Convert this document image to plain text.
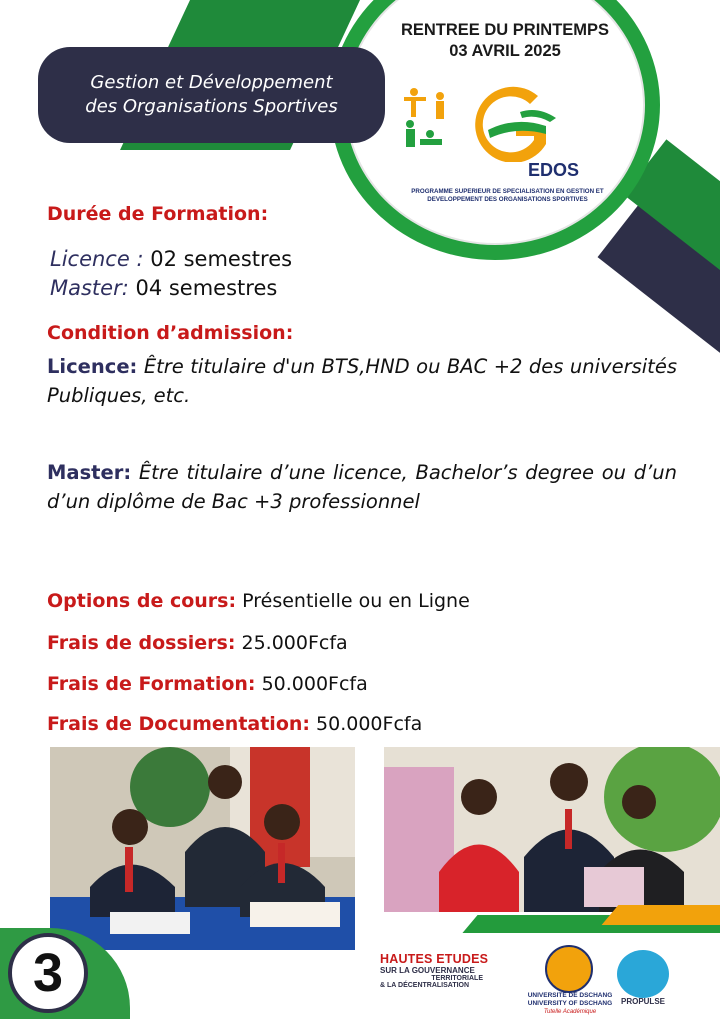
Gestion et Développement
des Organisations Sportives
RENTREE DU PRINTEMPS
03 AVRIL 2025
EDOS
PROGRAMME SUPERIEUR DE SPECIALISATION EN GESTION ET
DEVELOPPEMENT DES ORGANISATIONS SPORTIVES
Durée de Formation:
Licence : 02 semestres
Master: 04 semestres
Condition d’admission:
Licence: Être titulaire d'un BTS,HND ou BAC +2 des universités Publiques, etc.
Master: Être titulaire d’une licence, Bachelor’s degree ou d’un d’un diplôme de Bac +3 professionnel
Options de cours: Présentielle ou en Ligne
Frais de dossiers: 25.000Fcfa
Frais de Formation: 50.000Fcfa
Frais de Documentation: 50.000Fcfa
3	HAUTES ETUDES
SUR LA GOUVERNANCE
TERRITORIALE
& LA DÉCENTRALISATION
UNIVERSITÉ DE DSCHANG
UNIVERSITY OF DSCHANG
Tutelle Académique
PROPULSE
